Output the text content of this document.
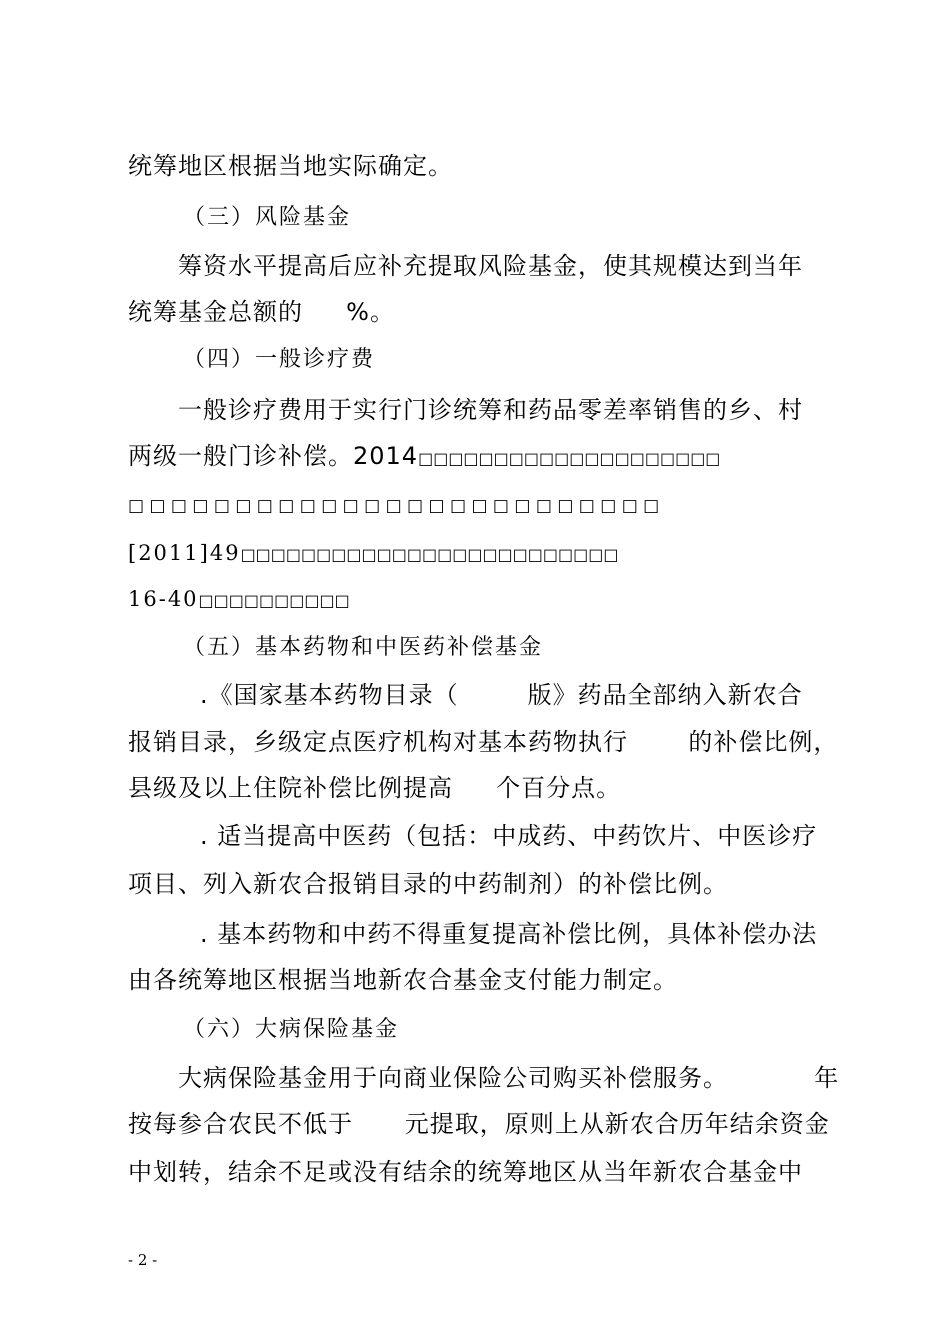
统筹地区根据当地实际确定。
（三）风险基金
筹资水平提高后应补充提取风险基金，使其规模达到当年
统筹基金总额的     %。
（四）一般诊疗费
一般诊疗费用于实行门诊统筹和药品零差率销售的乡、村
两级一般门诊补偿。2014□□□□□□□□□□□□□□□□□□□□
□ □ □ □ □ □ □ □ □ □ □ □ □ □ □ □ □ □ □ □ □ □ □ □ □
[2011]49□□□□□□□□□□□□□□□□□□□□□□□□□
16-40□□□□□□□□□□
（五）基本药物和中医药补偿基金
.《国家基本药物目录（        版》药品全部纳入新农合
报销目录，乡级定点医疗机构对基本药物执行       的补偿比例，
县级及以上住院补偿比例提高     个百分点。
. 适当提高中医药（包括：中成药、中药饮片、中医诊疗
项目、列入新农合报销目录的中药制剂）的补偿比例。
. 基本药物和中药不得重复提高补偿比例，具体补偿办法
由各统筹地区根据当地新农合基金支付能力制定。
（六）大病保险基金
大病保险基金用于向商业保险公司购买补偿服务。          年
按每参合农民不低于      元提取，原则上从新农合历年结余资金
中划转，结余不足或没有结余的统筹地区从当年新农合基金中
- 2 -
